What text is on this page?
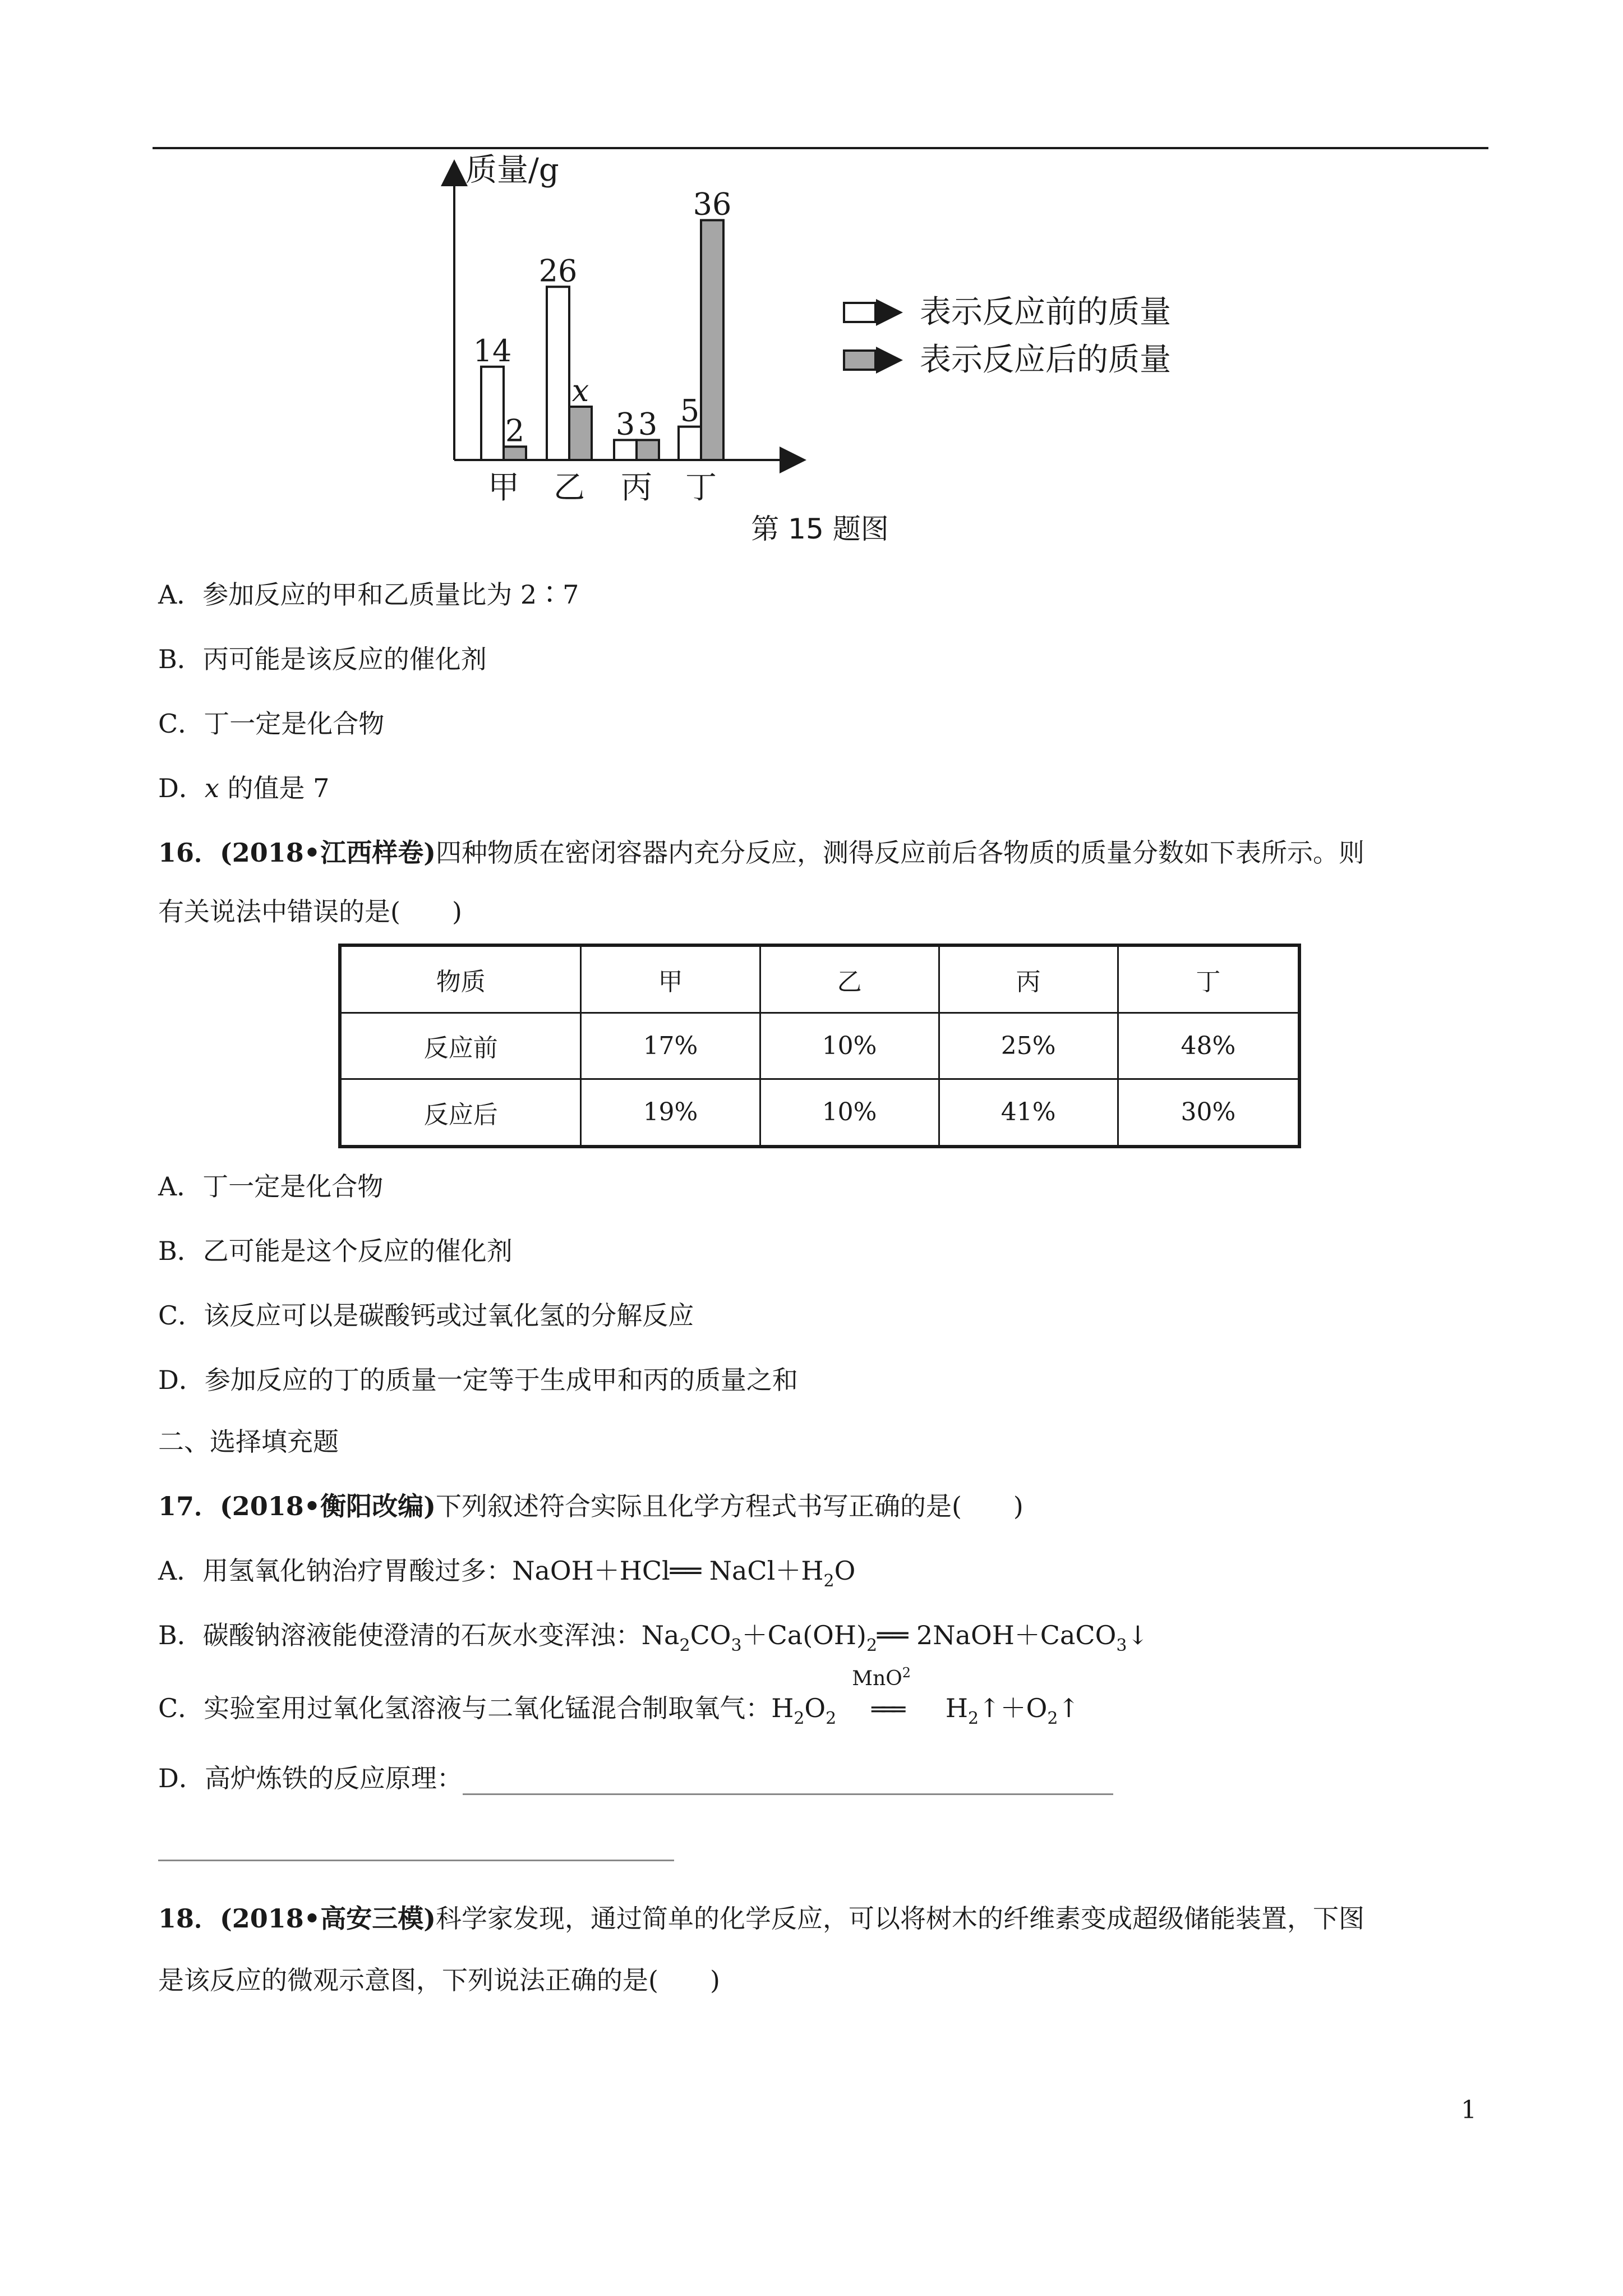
质量/g
14
2
甲
26
x
乙
3 3
丙
5
36
丁
表示反应前的质量
表示反应后的质量
第 15 题图
A．参加反应的甲和乙质量比为 2∶7
B．丙可能是该反应的催化剂
C．丁一定是化合物
D．x 的值是 7
16．(2018•江西样卷)四种物质在密闭容器内充分反应，测得反应前后各物质的质量分数如下表所示。则
有关说法中错误的是(　　)
物质	甲	乙	丙	丁
反应前	17%	10%	25%	48%
反应后	19%	10%	41%	30%
A．丁一定是化合物
B．乙可能是这个反应的催化剂
C．该反应可以是碳酸钙或过氧化氢的分解反应
D．参加反应的丁的质量一定等于生成甲和丙的质量之和
二、选择填充题
17．(2018•衡阳改编)下列叙述符合实际且化学方程式书写正确的是(　　)
A．用氢氧化钠治疗胃酸过多：NaOH＋HCl══ $NaCl+H_2O$
B．碳酸钠溶液能使澄清的石灰水变浑浊：$Na_2CO_3+Ca(OH)_2══$ 2NaOH＋CaCO$_3$↓
C．实验室用过氧化氢溶液与二氧化锰混合制取氧气：$H_2O_2$
MnO$^2$
═══ $H_2↑+O_2↑$
D．高炉炼铁的反应原理：
18．(2018•高安三模)科学家发现，通过简单的化学反应，可以将树木的纤维素变成超级储能装置，下图
是该反应的微观示意图，下列说法正确的是(　　)
1
